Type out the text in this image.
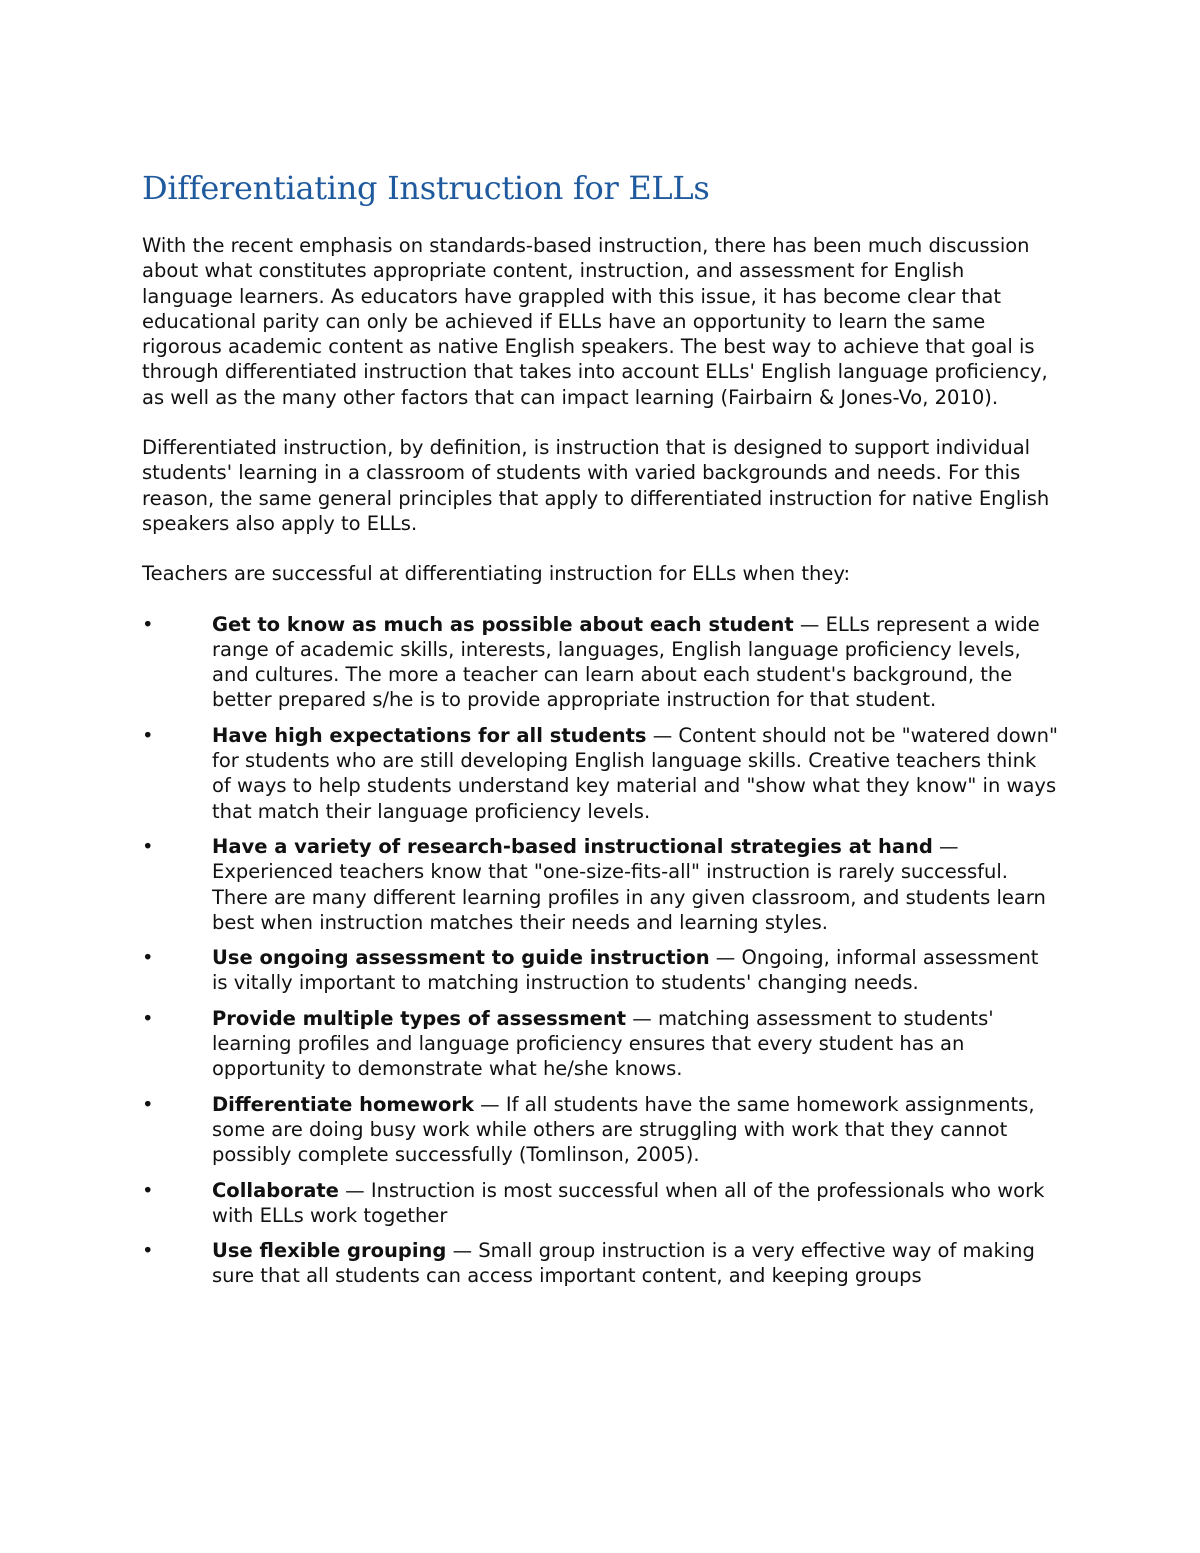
Differentiating Instruction for ELLs

With the recent emphasis on standards-based instruction, there has been much discussion about what constitutes appropriate content, instruction, and assessment for English language learners. As educators have grappled with this issue, it has become clear that educational parity can only be achieved if ELLs have an opportunity to learn the same rigorous academic content as native English speakers. The best way to achieve that goal is through differentiated instruction that takes into account ELLs' English language proficiency, as well as the many other factors that can impact learning (Fairbairn & Jones-Vo, 2010).

Differentiated instruction, by definition, is instruction that is designed to support individual students' learning in a classroom of students with varied backgrounds and needs. For this reason, the same general principles that apply to differentiated instruction for native English speakers also apply to ELLs.

Teachers are successful at differentiating instruction for ELLs when they:

•	Get to know as much as possible about each student — ELLs represent a wide range of academic skills, interests, languages, English language proficiency levels, and cultures. The more a teacher can learn about each student's background, the better prepared s/he is to provide appropriate instruction for that student.
•	Have high expectations for all students — Content should not be "watered down" for students who are still developing English language skills. Creative teachers think of ways to help students understand key material and "show what they know" in ways that match their language proficiency levels.
•	Have a variety of research-based instructional strategies at hand — Experienced teachers know that "one-size-fits-all" instruction is rarely successful. There are many different learning profiles in any given classroom, and students learn best when instruction matches their needs and learning styles.
•	Use ongoing assessment to guide instruction — Ongoing, informal assessment is vitally important to matching instruction to students' changing needs.
•	Provide multiple types of assessment — matching assessment to students' learning profiles and language proficiency ensures that every student has an opportunity to demonstrate what he/she knows.
•	Differentiate homework — If all students have the same homework assignments, some are doing busy work while others are struggling with work that they cannot possibly complete successfully (Tomlinson, 2005).
•	Collaborate — Instruction is most successful when all of the professionals who work with ELLs work together
•	Use flexible grouping — Small group instruction is a very effective way of making sure that all students can access important content, and keeping groups
